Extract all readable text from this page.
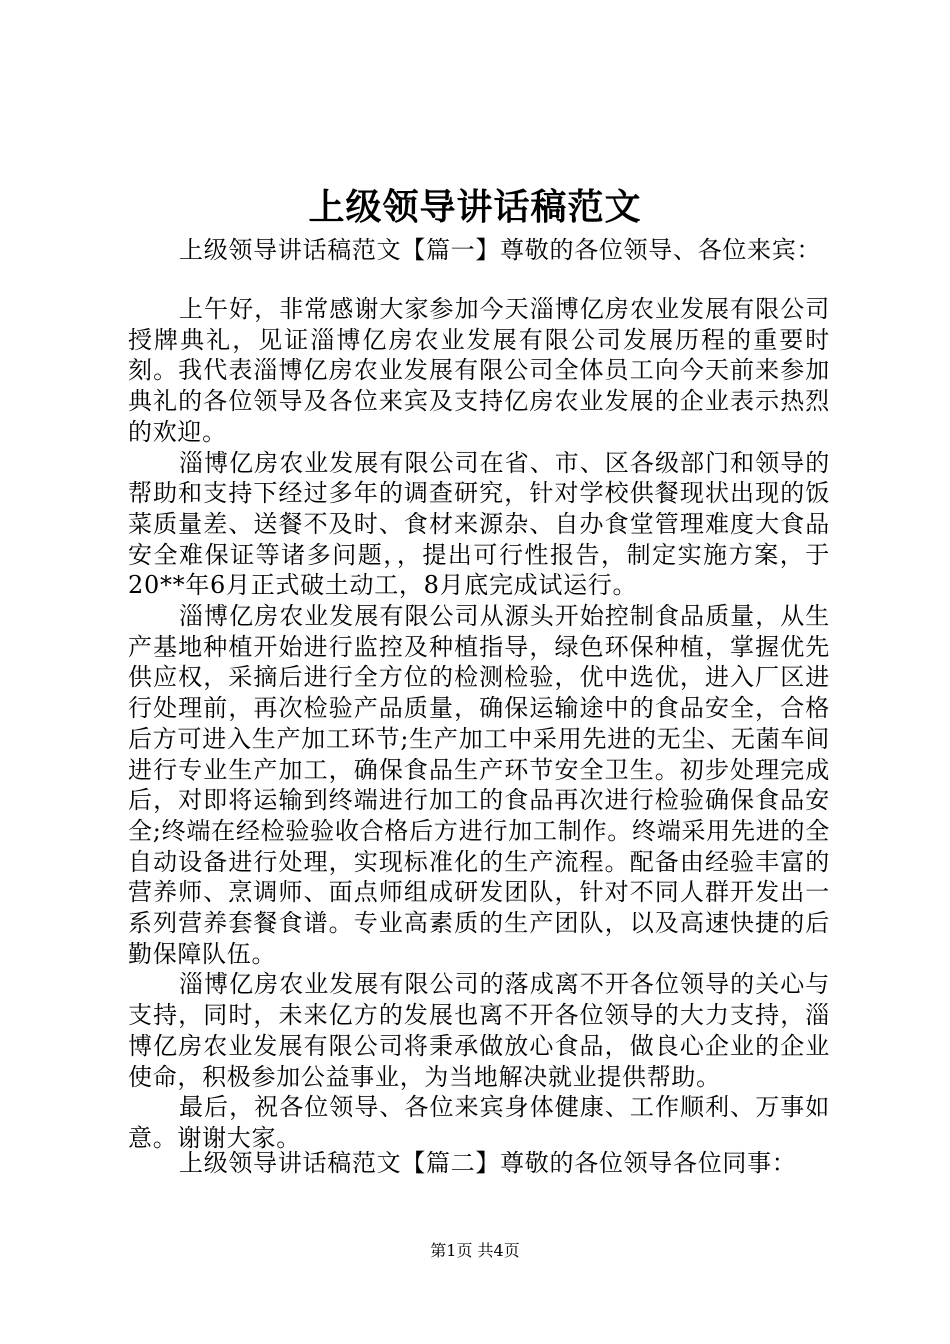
上级领导讲话稿范文

上级领导讲话稿范文【篇一】尊敬的各位领导、各位来宾：

上午好，非常感谢大家参加今天淄博亿房农业发展有限公司授牌典礼，见证淄博亿房农业发展有限公司发展历程的重要时刻。我代表淄博亿房农业发展有限公司全体员工向今天前来参加典礼的各位领导及各位来宾及支持亿房农业发展的企业表示热烈的欢迎。

淄博亿房农业发展有限公司在省、市、区各级部门和领导的帮助和支持下经过多年的调查研究，针对学校供餐现状出现的饭菜质量差、送餐不及时、食材来源杂、自办食堂管理难度大食品安全难保证等诸多问题，，提出可行性报告，制定实施方案，于20**年6月正式破土动工，8月底完成试运行。

淄博亿房农业发展有限公司从源头开始控制食品质量，从生产基地种植开始进行监控及种植指导，绿色环保种植，掌握优先供应权，采摘后进行全方位的检测检验，优中选优，进入厂区进行处理前，再次检验产品质量，确保运输途中的食品安全，合格后方可进入生产加工环节;生产加工中采用先进的无尘、无菌车间进行专业生产加工，确保食品生产环节安全卫生。初步处理完成后，对即将运输到终端进行加工的食品再次进行检验确保食品安全;终端在经检验验收合格后方进行加工制作。终端采用先进的全自动设备进行处理，实现标准化的生产流程。配备由经验丰富的营养师、烹调师、面点师组成研发团队，针对不同人群开发出一系列营养套餐食谱。专业高素质的生产团队，以及高速快捷的后勤保障队伍。

淄博亿房农业发展有限公司的落成离不开各位领导的关心与支持，同时，未来亿方的发展也离不开各位领导的大力支持，淄博亿房农业发展有限公司将秉承做放心食品，做良心企业的企业使命，积极参加公益事业，为当地解决就业提供帮助。

最后，祝各位领导、各位来宾身体健康、工作顺利、万事如意。谢谢大家。

上级领导讲话稿范文【篇二】尊敬的各位领导各位同事：

第1页 共4页
